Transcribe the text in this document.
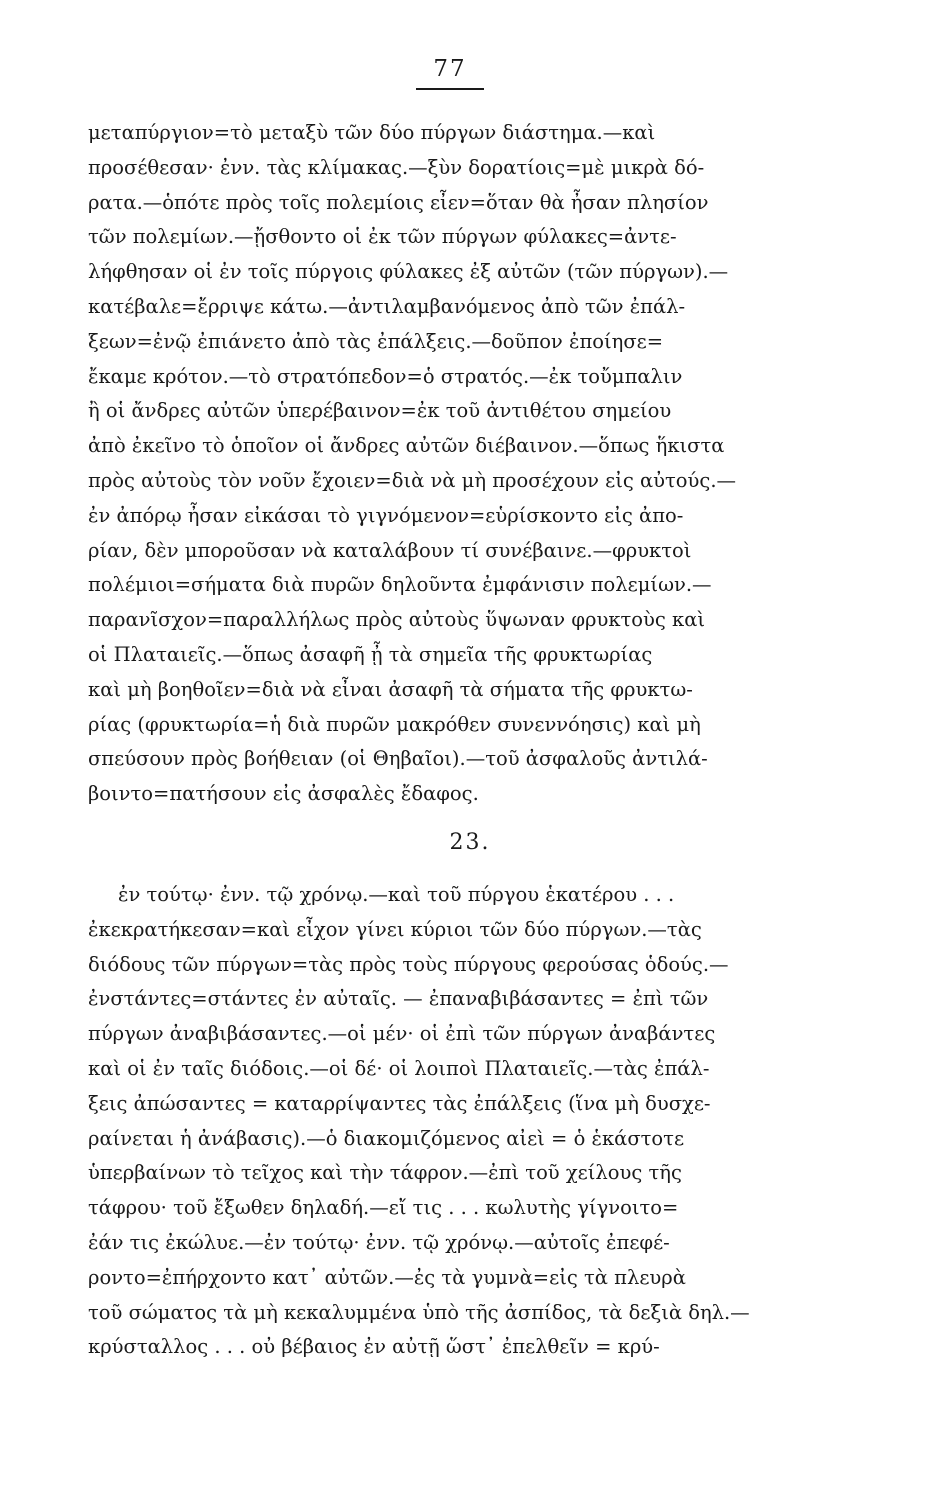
77
μεταπύργιον=τὸ μεταξὺ τῶν δύο πύργων διάστημα.—καὶ
προσέθεσαν· ἐνν. τὰς κλίμακας.—ξὺν δορατίοις=μὲ μικρὰ δό-
ρατα.—ὁπότε πρὸς τοῖς πολεμίοις εἶεν=ὅταν θὰ ἦσαν πλησίον
τῶν πολεμίων.—ᾔσθοντο οἱ ἐκ τῶν πύργων φύλακες=ἀντε-
λήφθησαν οἱ ἐν τοῖς πύργοις φύλακες ἐξ αὐτῶν (τῶν πύργων).—
κατέβαλε=ἔρριψε κάτω.—ἀντιλαμβανόμενος ἀπὸ τῶν ἐπάλ-
ξεων=ἐνῷ ἐπιάνετο ἀπὸ τὰς ἐπάλξεις.—δοῦπον ἐποίησε=
ἔκαμε κρότον.—τὸ στρατόπεδον=ὁ στρατός.—ἐκ τοὔμπαλιν
ἢ οἱ ἄνδρες αὐτῶν ὑπερέβαινον=ἐκ τοῦ ἀντιθέτου σημείου
ἀπὸ ἐκεῖνο τὸ ὁποῖον οἱ ἄνδρες αὐτῶν διέβαινον.—ὅπως ἥκιστα
πρὸς αὐτοὺς τὸν νοῦν ἔχοιεν=διὰ νὰ μὴ προσέχουν εἰς αὐτούς.—
ἐν ἀπόρῳ ἦσαν εἰκάσαι τὸ γιγνόμενον=εὑρίσκοντο εἰς ἀπο-
ρίαν, δὲν μποροῦσαν νὰ καταλάβουν τί συνέβαινε.—φρυκτοὶ
πολέμιοι=σήματα διὰ πυρῶν δηλοῦντα ἐμφάνισιν πολεμίων.—
παρανῖσχον=παραλλήλως πρὸς αὐτοὺς ὕψωναν φρυκτοὺς καὶ
οἱ Πλαταιεῖς.—ὅπως ἀσαφῆ ᾖ τὰ σημεῖα τῆς φρυκτωρίας
καὶ μὴ βοηθοῖεν=διὰ νὰ εἶναι ἀσαφῆ τὰ σήματα τῆς φρυκτω-
ρίας (φρυκτωρία=ἡ διὰ πυρῶν μακρόθεν συνεννόησις) καὶ μὴ
σπεύσουν πρὸς βοήθειαν (οἱ Θηβαῖοι).—τοῦ ἀσφαλοῦς ἀντιλά-
βοιντο=πατήσουν εἰς ἀσφαλὲς ἔδαφος.
23.
ἐν τούτῳ· ἐνν. τῷ χρόνῳ.—καὶ τοῦ πύργου ἑκατέρου . . .
ἐκεκρατήκεσαν=καὶ εἶχον γίνει κύριοι τῶν δύο πύργων.—τὰς
διόδους τῶν πύργων=τὰς πρὸς τοὺς πύργους φερούσας ὁδούς.—
ἐνστάντες=στάντες ἐν αὐταῖς. — ἐπαναβιβάσαντες = ἐπὶ τῶν
πύργων ἀναβιβάσαντες.—οἱ μέν· οἱ ἐπὶ τῶν πύργων ἀναβάντες
καὶ οἱ ἐν ταῖς διόδοις.—οἱ δέ· οἱ λοιποὶ Πλαταιεῖς.—τὰς ἐπάλ-
ξεις ἀπώσαντες = καταρρίψαντες τὰς ἐπάλξεις (ἵνα μὴ δυσχε-
ραίνεται ἡ ἀνάβασις).—ὁ διακομιζόμενος αἰεὶ = ὁ ἑκάστοτε
ὑπερβαίνων τὸ τεῖχος καὶ τὴν τάφρον.—ἐπὶ τοῦ χείλους τῆς
τάφρου· τοῦ ἔξωθεν δηλαδή.—εἴ τις . . . κωλυτὴς γίγνοιτο=
ἐάν τις ἐκώλυε.—ἐν τούτῳ· ἐνν. τῷ χρόνῳ.—αὐτοῖς ἐπεφέ-
ροντο=ἐπήρχοντο κατ᾿ αὐτῶν.—ἐς τὰ γυμνὰ=εἰς τὰ πλευρὰ
τοῦ σώματος τὰ μὴ κεκαλυμμένα ὑπὸ τῆς ἀσπίδος, τὰ δεξιὰ δηλ.—
κρύσταλλος . . . οὐ βέβαιος ἐν αὐτῇ ὥστ᾿ ἐπελθεῖν = κρύ-
